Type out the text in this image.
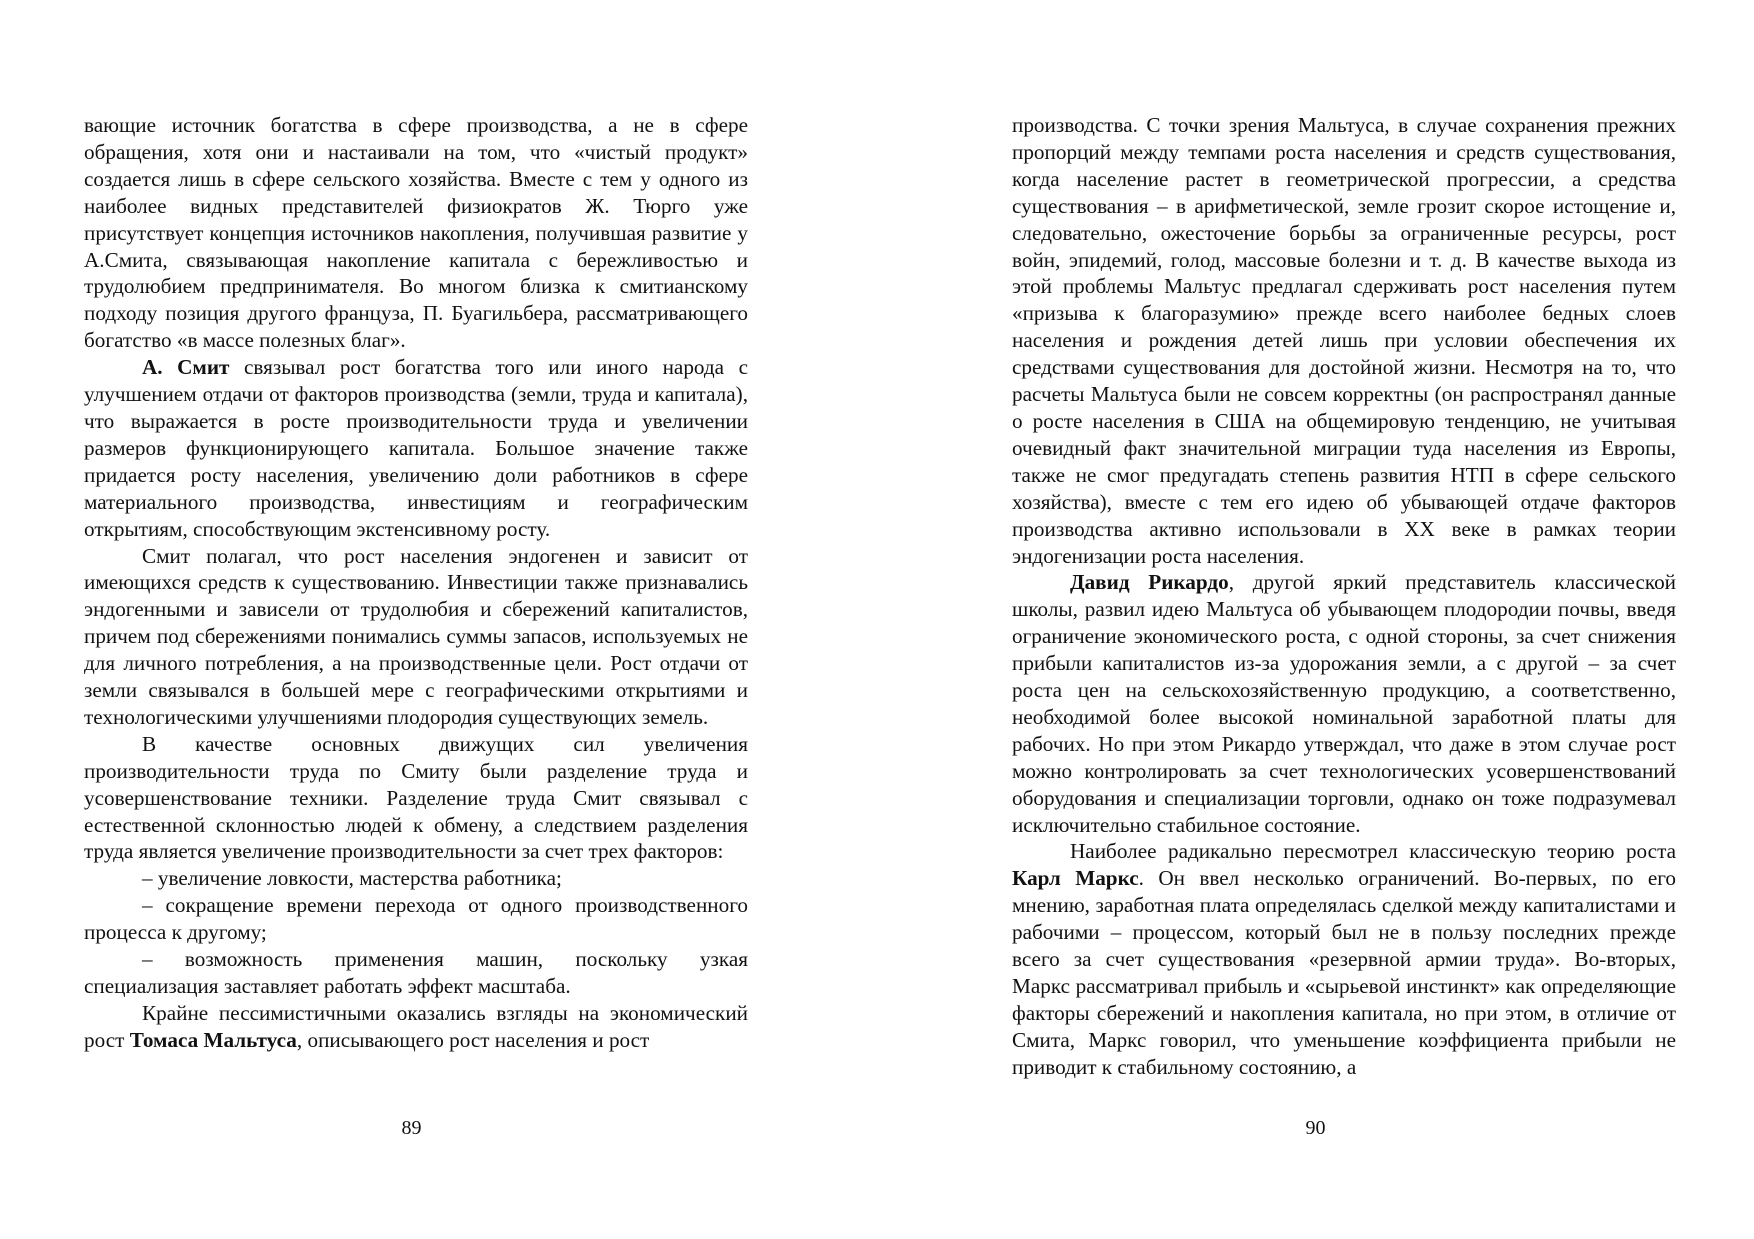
вающие источник богатства в сфере производства, а не в сфере обращения, хотя они и настаивали на том, что «чистый продукт» создается лишь в сфере сельского хозяйства. Вместе с тем у одного из наиболее видных представителей физиократов Ж. Тюрго уже присутствует концепция источников накопления, получившая развитие у А.Смита, связывающая накопление капитала с бережливостью и трудолюбием предпринимателя. Во многом близка к смитианскому подходу позиция другого француза, П. Буагильбера, рассматривающего богатство «в массе полезных благ».

А. Смит связывал рост богатства того или иного народа с улучшением отдачи от факторов производства (земли, труда и капитала), что выражается в росте производительности труда и увеличении размеров функционирующего капитала. Большое значение также придается росту населения, увеличению доли работников в сфере материального производства, инвестициям и географическим открытиям, способствующим экстенсивному росту.

Смит полагал, что рост населения эндогенен и зависит от имеющихся средств к существованию. Инвестиции также признавались эндогенными и зависели от трудолюбия и сбережений капиталистов, причем под сбережениями понимались суммы запасов, используемых не для личного потребления, а на производственные цели. Рост отдачи от земли связывался в большей мере с географическими открытиями и технологическими улучшениями плодородия существующих земель.

В качестве основных движущих сил увеличения производительности труда по Смиту были разделение труда и усовершенствование техники. Разделение труда Смит связывал с естественной склонностью людей к обмену, а следствием разделения труда является увеличение производительности за счет трех факторов:

– увеличение ловкости, мастерства работника;

– сокращение времени перехода от одного производственного процесса к другому;

– возможность применения машин, поскольку узкая специализация заставляет работать эффект масштаба.

Крайне пессимистичными оказались взгляды на экономический рост Томаса Мальтуса, описывающего рост населения и рост

89

производства. С точки зрения Мальтуса, в случае сохранения прежних пропорций между темпами роста населения и средств существования, когда население растет в геометрической прогрессии, а средства существования – в арифметической, земле грозит скорое истощение и, следовательно, ожесточение борьбы за ограниченные ресурсы, рост войн, эпидемий, голод, массовые болезни и т. д. В качестве выхода из этой проблемы Мальтус предлагал сдерживать рост населения путем «призыва к благоразумию» прежде всего наиболее бедных слоев населения и рождения детей лишь при условии обеспечения их средствами существования для достойной жизни. Несмотря на то, что расчеты Мальтуса были не совсем корректны (он распространял данные о росте населения в США на общемировую тенденцию, не учитывая очевидный факт значительной миграции туда населения из Европы, также не смог предугадать степень развития НТП в сфере сельского хозяйства), вместе с тем его идею об убывающей отдаче факторов производства активно использовали в XX веке в рамках теории эндогенизации роста населения.

Давид Рикардо, другой яркий представитель классической школы, развил идею Мальтуса об убывающем плодородии почвы, введя ограничение экономического роста, с одной стороны, за счет снижения прибыли капиталистов из-за удорожания земли, а с другой – за счет роста цен на сельскохозяйственную продукцию, а соответственно, необходимой более высокой номинальной заработной платы для рабочих. Но при этом Рикардо утверждал, что даже в этом случае рост можно контролировать за счет технологических усовершенствований оборудования и специализации торговли, однако он тоже подразумевал исключительно стабильное состояние.

Наиболее радикально пересмотрел классическую теорию роста Карл Маркс. Он ввел несколько ограничений. Во-первых, по его мнению, заработная плата определялась сделкой между капиталистами и рабочими – процессом, который был не в пользу последних прежде всего за счет существования «резервной армии труда». Во-вторых, Маркс рассматривал прибыль и «сырьевой инстинкт» как определяющие факторы сбережений и накопления капитала, но при этом, в отличие от Смита, Маркс говорил, что уменьшение коэффициента прибыли не приводит к стабильному состоянию, а

90
